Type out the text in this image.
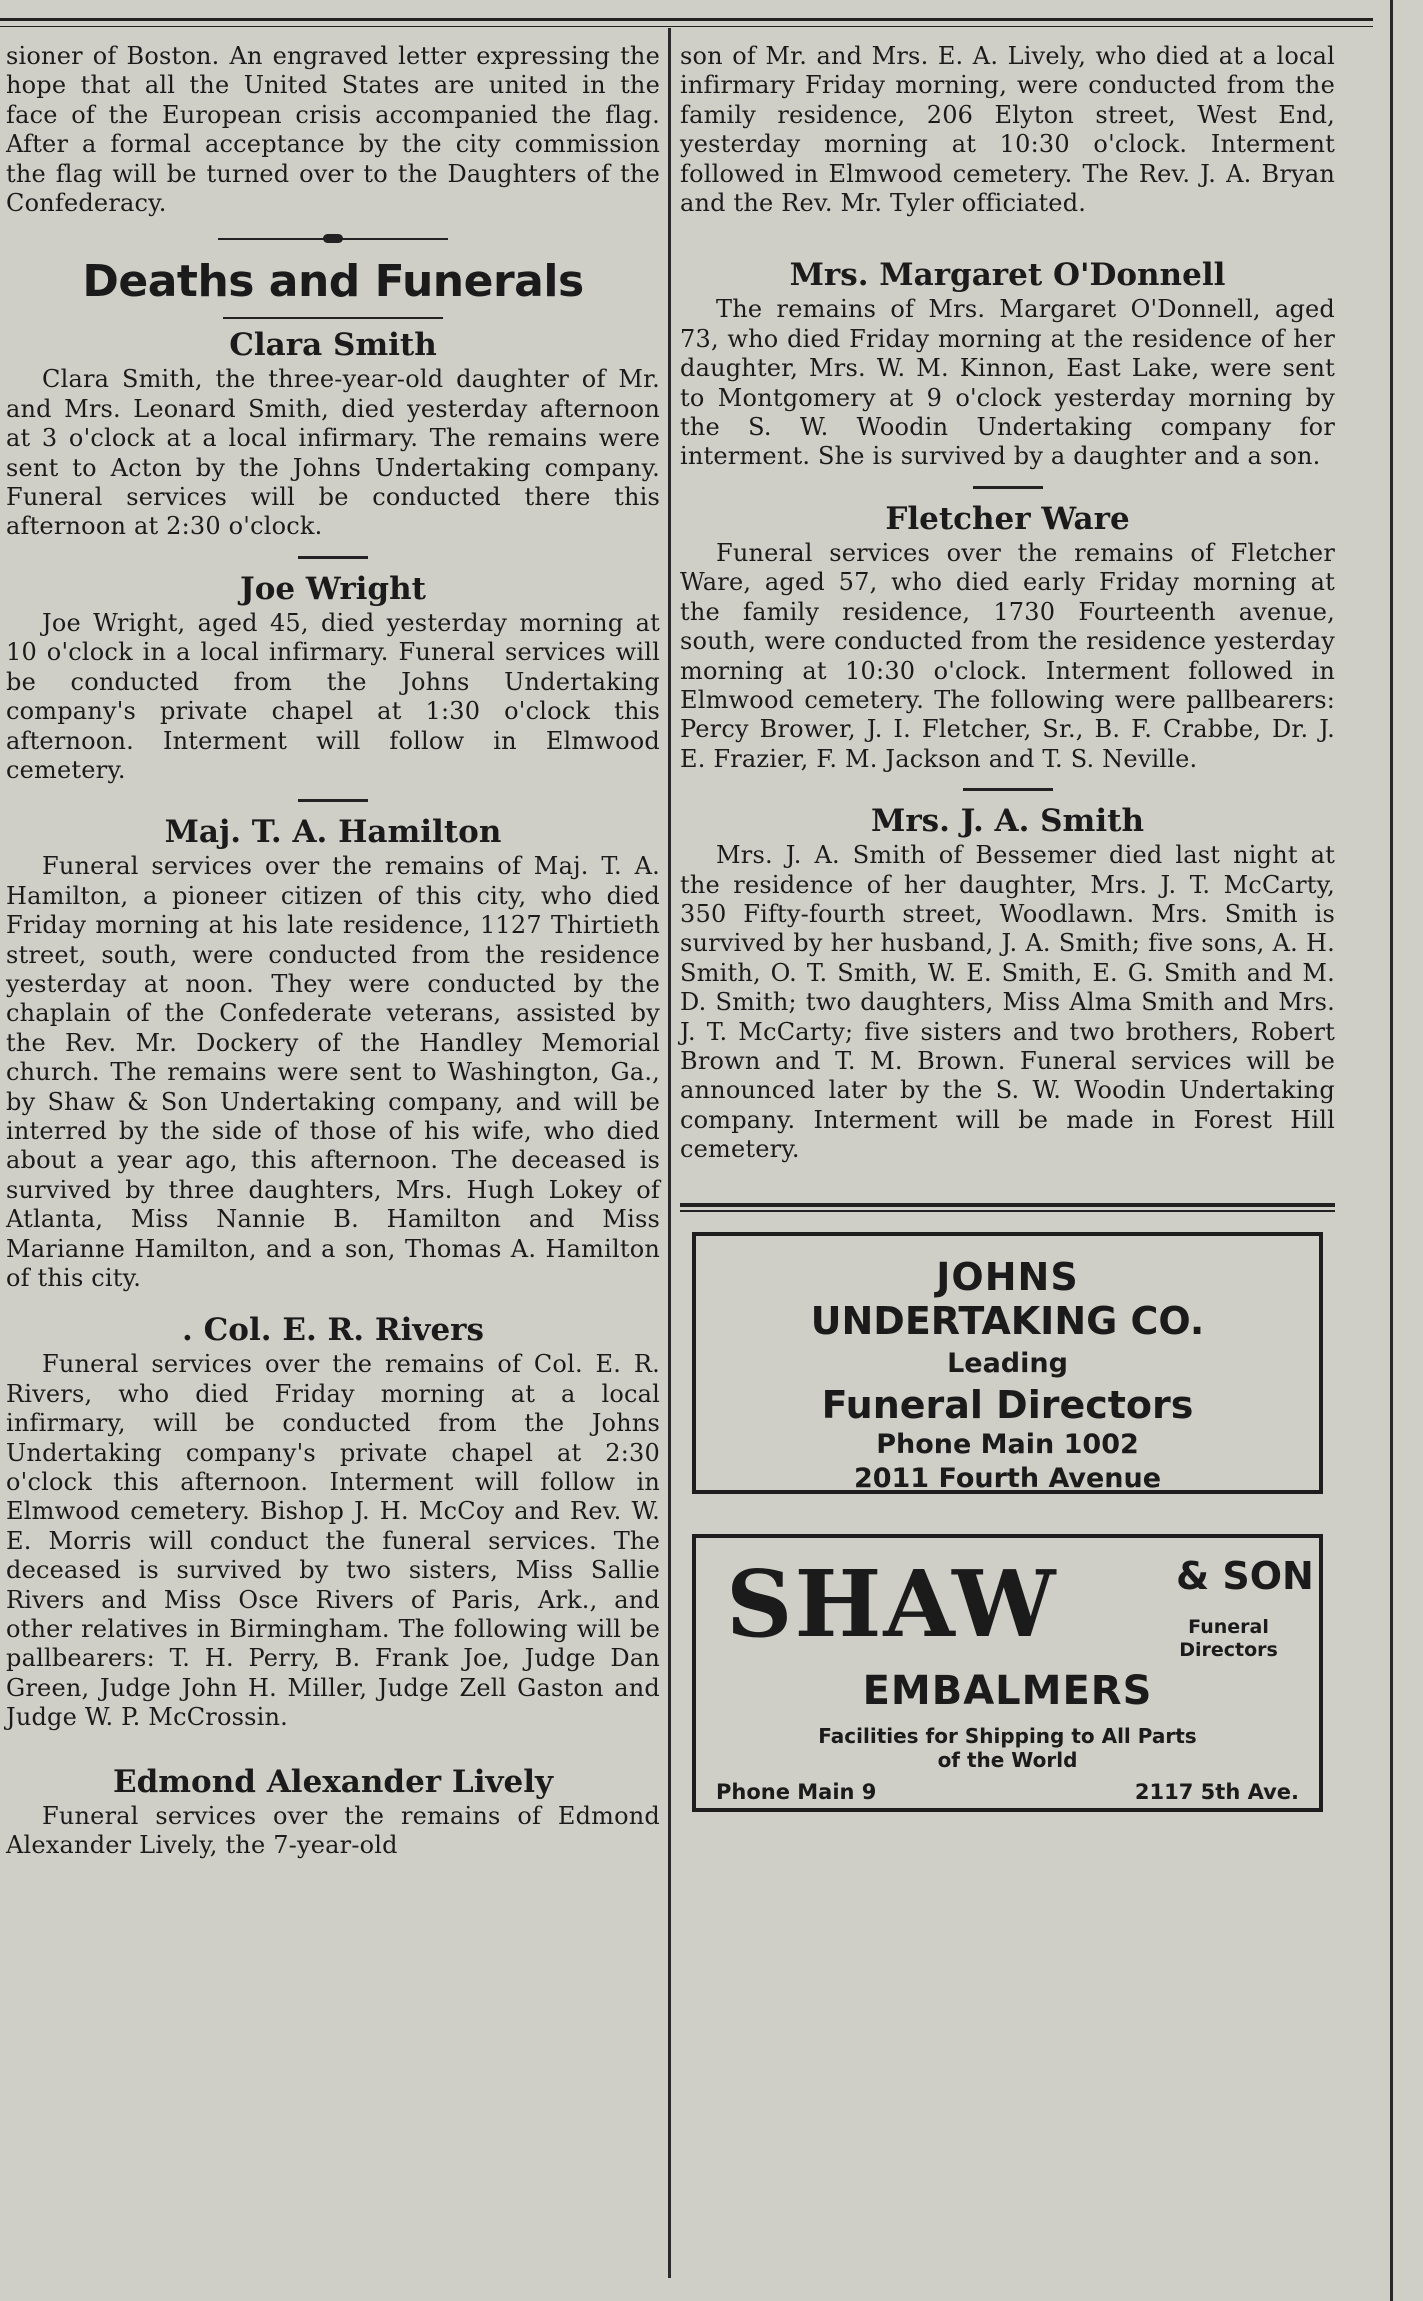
sioner of Boston. An engraved letter expressing the hope that all the United States are united in the face of the European crisis accompanied the flag. After a formal acceptance by the city commission the flag will be turned over to the Daughters of the Confederacy.

Deaths and Funerals
Clara Smith

Clara Smith, the three-year-old daughter of Mr. and Mrs. Leonard Smith, died yesterday afternoon at 3 o'clock at a local infirmary. The remains were sent to Acton by the Johns Undertaking company. Funeral services will be conducted there this afternoon at 2:30 o'clock.

Joe Wright

Joe Wright, aged 45, died yesterday morning at 10 o'clock in a local infirmary. Funeral services will be conducted from the Johns Undertaking company's private chapel at 1:30 o'clock this afternoon. Interment will follow in Elmwood cemetery.

Maj. T. A. Hamilton

Funeral services over the remains of Maj. T. A. Hamilton, a pioneer citizen of this city, who died Friday morning at his late residence, 1127 Thirtieth street, south, were conducted from the residence yesterday at noon. They were conducted by the chaplain of the Confederate veterans, assisted by the Rev. Mr. Dockery of the Handley Memorial church. The remains were sent to Washington, Ga., by Shaw & Son Undertaking company, and will be interred by the side of those of his wife, who died about a year ago, this afternoon. The deceased is survived by three daughters, Mrs. Hugh Lokey of Atlanta, Miss Nannie B. Hamilton and Miss Marianne Hamilton, and a son, Thomas A. Hamilton of this city.

. Col. E. R. Rivers

Funeral services over the remains of Col. E. R. Rivers, who died Friday morning at a local infirmary, will be conducted from the Johns Undertaking company's private chapel at 2:30 o'clock this afternoon. Interment will follow in Elmwood cemetery. Bishop J. H. McCoy and Rev. W. E. Morris will conduct the funeral services. The deceased is survived by two sisters, Miss Sallie Rivers and Miss Osce Rivers of Paris, Ark., and other relatives in Birmingham. The following will be pallbearers: T. H. Perry, B. Frank Joe, Judge Dan Green, Judge John H. Miller, Judge Zell Gaston and Judge W. P. McCrossin.

Edmond Alexander Lively

Funeral services over the remains of Edmond Alexander Lively, the 7-year-old

son of Mr. and Mrs. E. A. Lively, who died at a local infirmary Friday morning, were conducted from the family residence, 206 Elyton street, West End, yesterday morning at 10:30 o'clock. Interment followed in Elmwood cemetery. The Rev. J. A. Bryan and the Rev. Mr. Tyler officiated.

Mrs. Margaret O'Donnell

The remains of Mrs. Margaret O'Donnell, aged 73, who died Friday morning at the residence of her daughter, Mrs. W. M. Kinnon, East Lake, were sent to Montgomery at 9 o'clock yesterday morning by the S. W. Woodin Undertaking company for interment. She is survived by a daughter and a son.

Fletcher Ware

Funeral services over the remains of Fletcher Ware, aged 57, who died early Friday morning at the family residence, 1730 Fourteenth avenue, south, were conducted from the residence yesterday morning at 10:30 o'clock. Interment followed in Elmwood cemetery. The following were pallbearers: Percy Brower, J. I. Fletcher, Sr., B. F. Crabbe, Dr. J. E. Frazier, F. M. Jackson and T. S. Neville.

Mrs. J. A. Smith

Mrs. J. A. Smith of Bessemer died last night at the residence of her daughter, Mrs. J. T. McCarty, 350 Fifty-fourth street, Woodlawn. Mrs. Smith is survived by her husband, J. A. Smith; five sons, A. H. Smith, O. T. Smith, W. E. Smith, E. G. Smith and M. D. Smith; two daughters, Miss Alma Smith and Mrs. J. T. McCarty; five sisters and two brothers, Robert Brown and T. M. Brown. Funeral services will be announced later by the S. W. Woodin Undertaking company. Interment will be made in Forest Hill cemetery.

JOHNS
UNDERTAKING CO.
Leading
Funeral Directors
Phone Main 1002
2011 Fourth Avenue
SHAW	& SON
Funeral
Directors
EMBALMERS
Facilities for Shipping to All Parts
of the World
Phone Main 9	2117 5th Ave.
